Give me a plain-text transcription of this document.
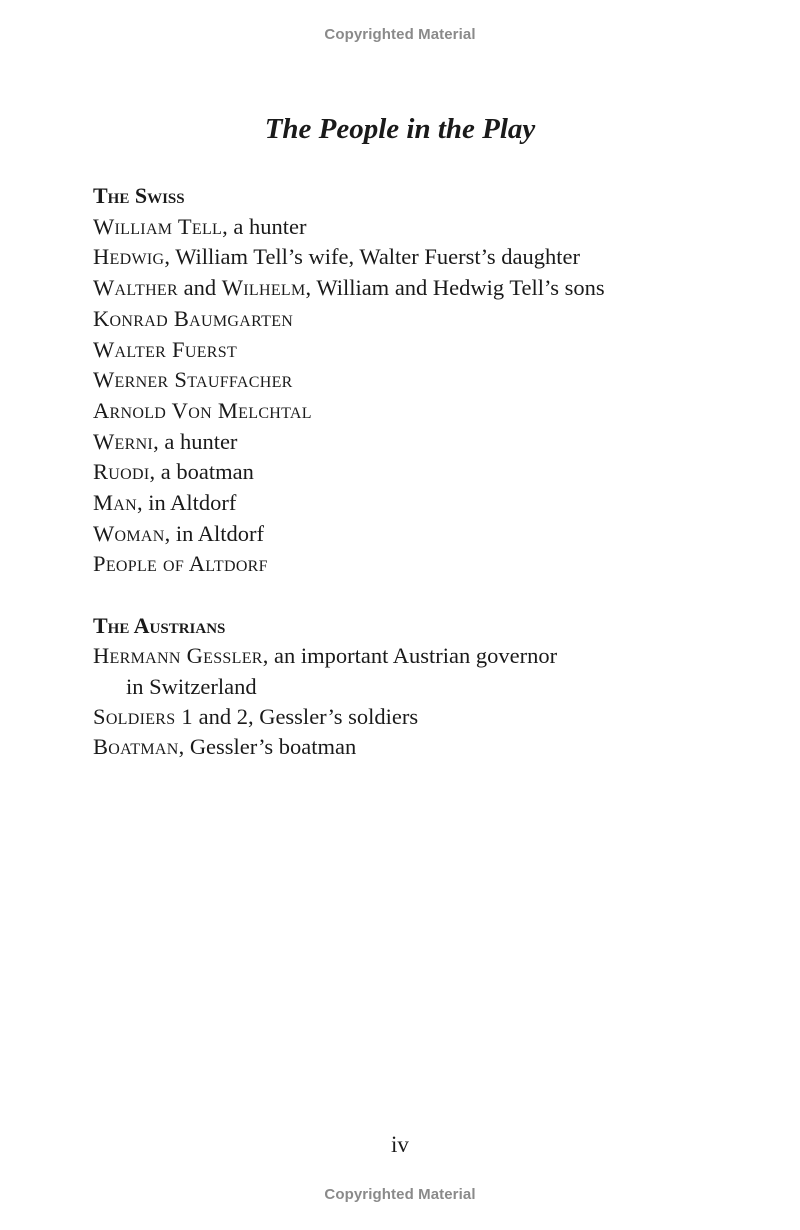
Copyrighted Material
The People in the Play
The Swiss
William Tell, a hunter
Hedwig, William Tell’s wife, Walter Fuerst’s daughter
Walther and Wilhelm, William and Hedwig Tell’s sons
Konrad Baumgarten
Walter Fuerst
Werner Stauffacher
Arnold Von Melchtal
Werni, a hunter
Ruodi, a boatman
Man, in Altdorf
Woman, in Altdorf
People of Altdorf
The Austrians
Hermann Gessler, an important Austrian governor
in Switzerland
Soldiers 1 and 2, Gessler’s soldiers
Boatman, Gessler’s boatman
iv
Copyrighted Material
